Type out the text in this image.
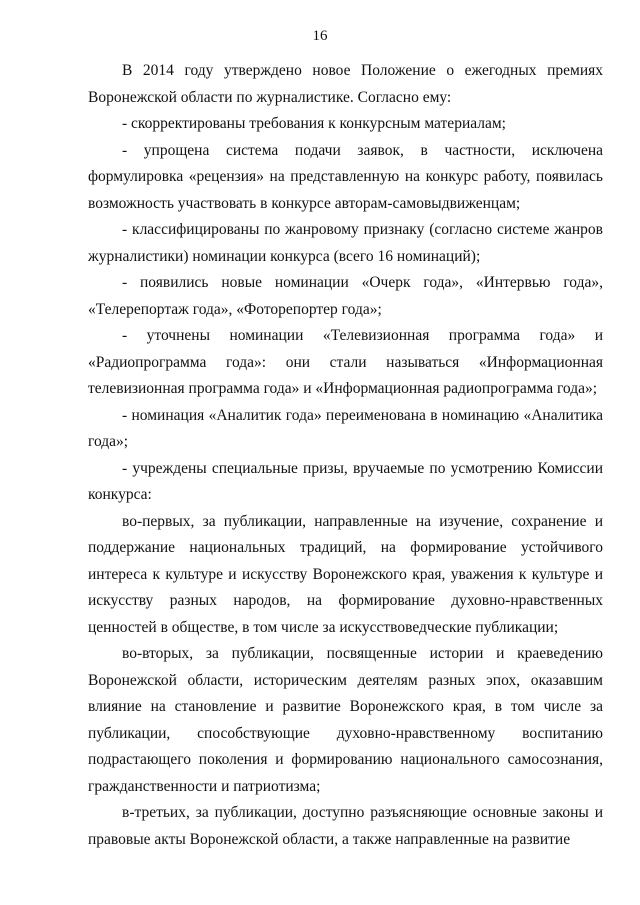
16

В 2014 году утверждено новое Положение о ежегодных премиях Воронежской области по журналистике. Согласно ему:

- скорректированы требования к конкурсным материалам;

- упрощена система подачи заявок, в частности, исключена формулировка «рецензия» на представленную на конкурс работу, появилась возможность участвовать в конкурсе авторам-самовыдвиженцам;

- классифицированы по жанровому признаку (согласно системе жанров журналистики) номинации конкурса (всего 16 номинаций);

- появились новые номинации «Очерк года», «Интервью года», «Телерепортаж года», «Фоторепортер года»;

- уточнены номинации «Телевизионная программа года» и «Радиопрограмма года»: они стали называться «Информационная телевизионная программа года» и «Информационная радиопрограмма года»;

- номинация «Аналитик года» переименована в номинацию «Аналитика года»;

- учреждены специальные призы, вручаемые по усмотрению Комиссии конкурса:

во-первых, за публикации, направленные на изучение, сохранение и поддержание национальных традиций, на формирование устойчивого интереса к культуре и искусству Воронежского края, уважения к культуре и искусству разных народов, на формирование духовно-нравственных ценностей в обществе, в том числе за искусствоведческие публикации;

во-вторых, за публикации, посвященные истории и краеведению Воронежской области, историческим деятелям разных эпох, оказавшим влияние на становление и развитие Воронежского края, в том числе за публикации, способствующие духовно-нравственному воспитанию подрастающего поколения и формированию национального самосознания, гражданственности и патриотизма;

в-третьих, за публикации, доступно разъясняющие основные законы и правовые акты Воронежской области, а также направленные на развитие
